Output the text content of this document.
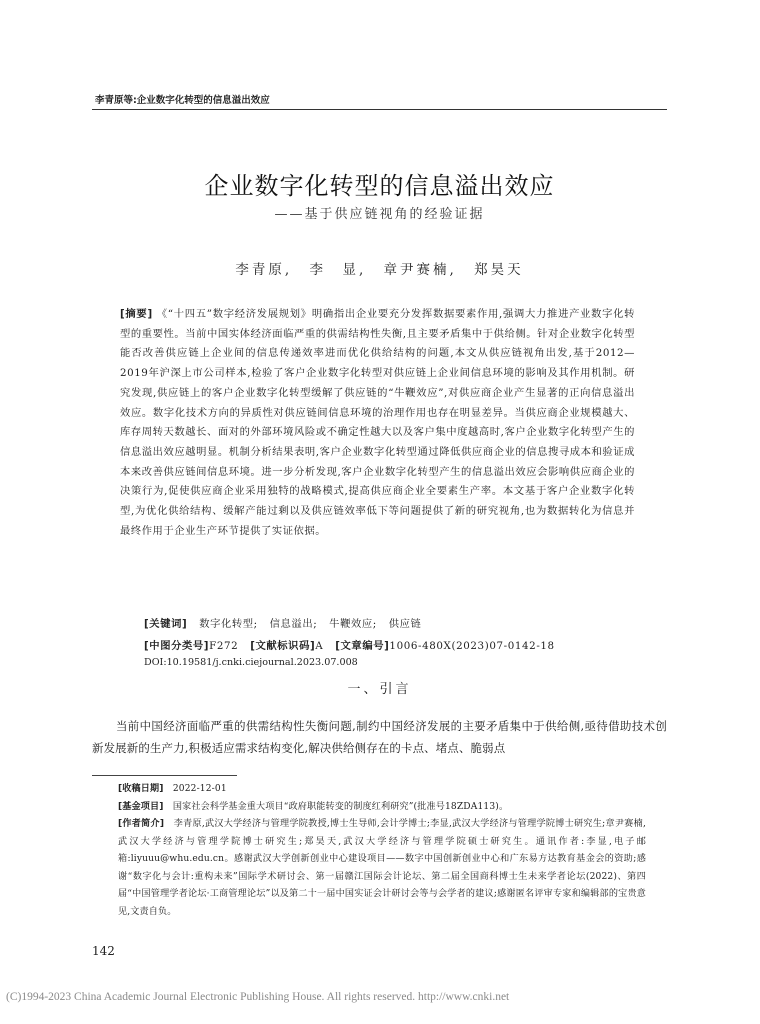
李青原等:企业数字化转型的信息溢出效应
企业数字化转型的信息溢出效应
——基于供应链视角的经验证据
李青原, 李　显, 章尹赛楠, 郑昊天
[摘要] 《“十四五”数字经济发展规划》明确指出企业要充分发挥数据要素作用,强调大力推进产业数字化转型的重要性。当前中国实体经济面临严重的供需结构性失衡,且主要矛盾集中于供给侧。针对企业数字化转型能否改善供应链上企业间的信息传递效率进而优化供给结构的问题,本文从供应链视角出发,基于2012—2019年沪深上市公司样本,检验了客户企业数字化转型对供应链上企业间信息环境的影响及其作用机制。研究发现,供应链上的客户企业数字化转型缓解了供应链的“牛鞭效应”,对供应商企业产生显著的正向信息溢出效应。数字化技术方向的异质性对供应链间信息环境的治理作用也存在明显差异。当供应商企业规模越大、库存周转天数越长、面对的外部环境风险或不确定性越大以及客户集中度越高时,客户企业数字化转型产生的信息溢出效应越明显。机制分析结果表明,客户企业数字化转型通过降低供应商企业的信息搜寻成本和验证成本来改善供应链间信息环境。进一步分析发现,客户企业数字化转型产生的信息溢出效应会影响供应商企业的决策行为,促使供应商企业采用独特的战略模式,提高供应商企业全要素生产率。本文基于客户企业数字化转型,为优化供给结构、缓解产能过剩以及供应链效率低下等问题提供了新的研究视角,也为数据转化为信息并最终作用于企业生产环节提供了实证依据。
[关键词] 数字化转型; 信息溢出; 牛鞭效应; 供应链
[中图分类号]F272 [文献标识码]A [文章编号]1006-480X(2023)07-0142-18
DOI:10.19581/j.cnki.ciejournal.2023.07.008
一、引言
当前中国经济面临严重的供需结构性失衡问题,制约中国经济发展的主要矛盾集中于供给侧,亟待借助技术创新发展新的生产力,积极适应需求结构变化,解决供给侧存在的卡点、堵点、脆弱点

[收稿日期]　 2022-12-01

[基金项目]　 国家社会科学基金重大项目“政府职能转变的制度红利研究”(批准号18ZDA113)。

[作者简介]　 李青原,武汉大学经济与管理学院教授,博士生导师,会计学博士;李显,武汉大学经济与管理学院博士研究生;章尹赛楠,武汉大学经济与管理学院博士研究生;郑昊天,武汉大学经济与管理学院硕士研究生。通讯作者:李显,电子邮箱:liyuuu@whu.edu.cn。感谢武汉大学创新创业中心建设项目——数字中国创新创业中心和广东易方达教育基金会的资助;感谢“数字化与会计:重构未来”国际学术研讨会、第一届赣江国际会计论坛、第二届全国商科博士生未来学者论坛(2022)、第四届“中国管理学者论坛·工商管理论坛”以及第二十一届中国实证会计研讨会等与会学者的建议;感谢匿名评审专家和编辑部的宝贵意见,文责自负。

142
(C)1994-2023 China Academic Journal Electronic Publishing House. All rights reserved. http://www.cnki.net
